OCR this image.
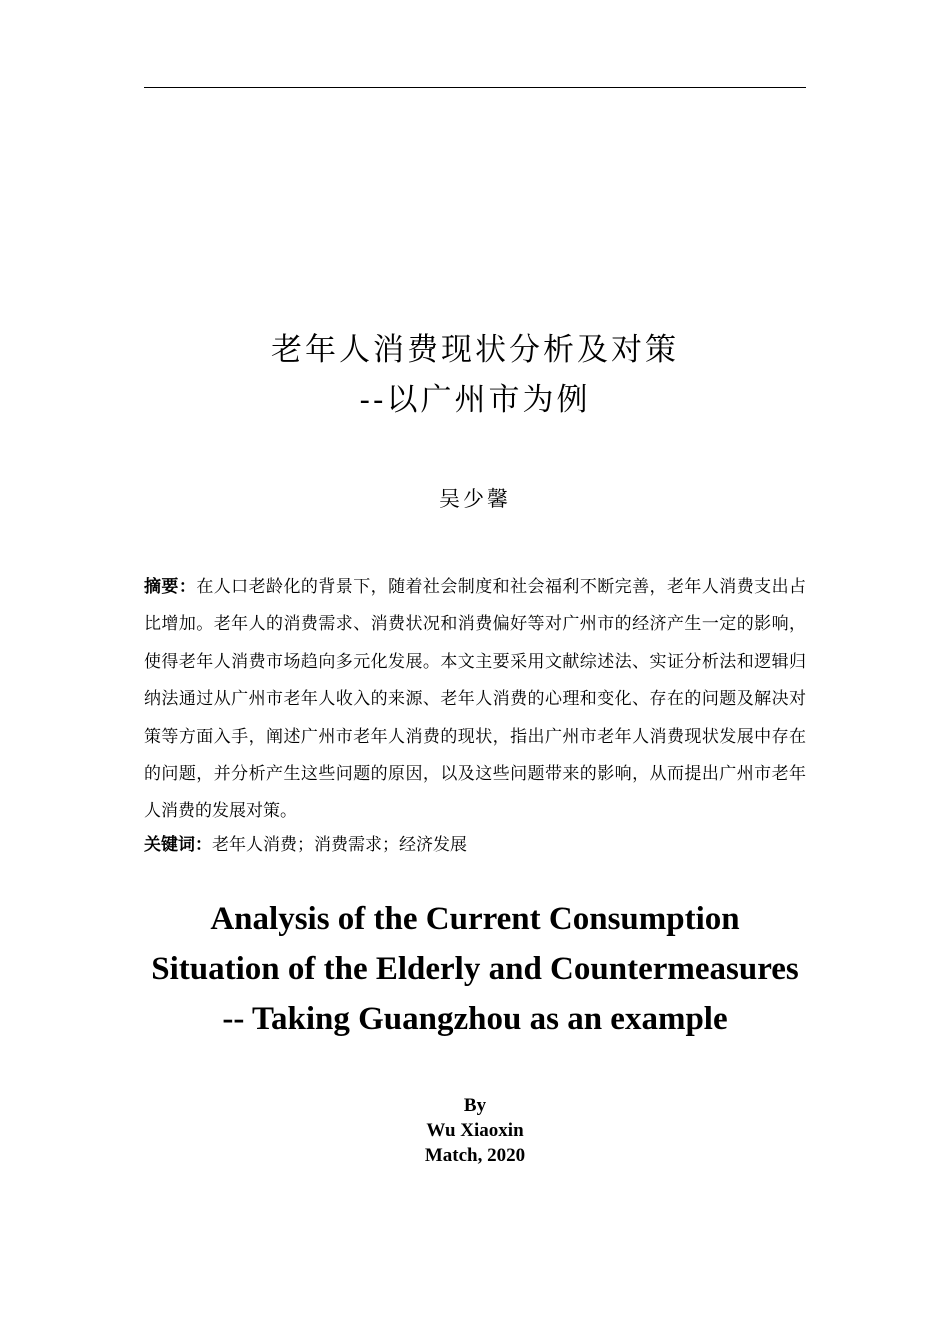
老年人消费现状分析及对策
--以广州市为例
吴少馨

摘要：在人口老龄化的背景下，随着社会制度和社会福利不断完善，老年人消费支出占比增加。老年人的消费需求、消费状况和消费偏好等对广州市的经济产生一定的影响，使得老年人消费市场趋向多元化发展。本文主要采用文献综述法、实证分析法和逻辑归纳法通过从广州市老年人收入的来源、老年人消费的心理和变化、存在的问题及解决对策等方面入手，阐述广州市老年人消费的现状，指出广州市老年人消费现状发展中存在的问题，并分析产生这些问题的原因，以及这些问题带来的影响，从而提出广州市老年人消费的发展对策。

关键词：老年人消费；消费需求；经济发展

Analysis of the Current Consumption Situation of the Elderly and Countermeasures -- Taking Guangzhou as an example
By
Wu Xiaoxin
Match, 2020
